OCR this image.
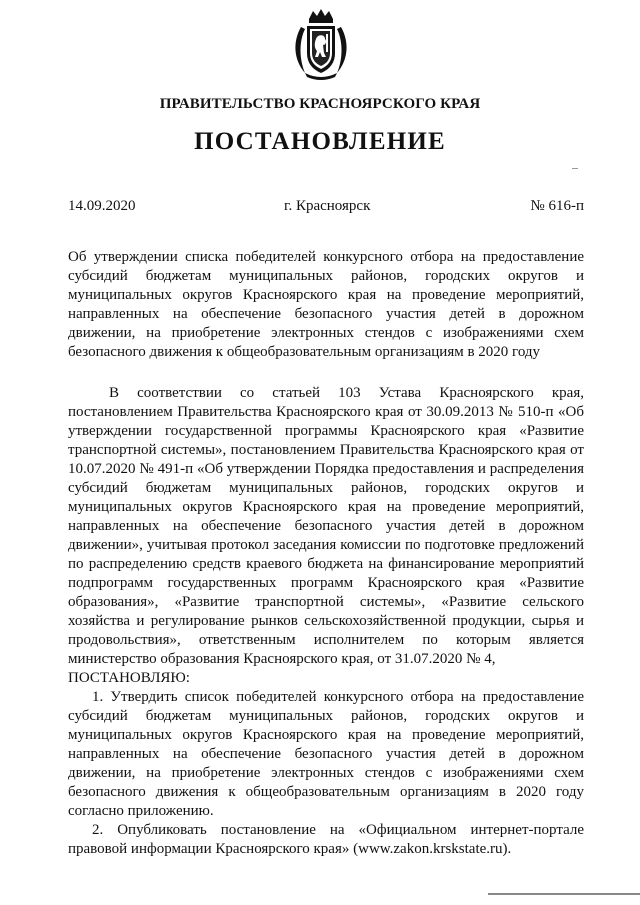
ПРАВИТЕЛЬСТВО КРАСНОЯРСКОГО КРАЯ
ПОСТАНОВЛЕНИЕ
14.09.2020	г. Красноярск	№ 616-п
Об утверждении списка победителей конкурсного отбора на предоставление субсидий бюджетам муниципальных районов, городских округов и муниципальных округов Красноярского края на проведение мероприятий, направленных на обеспечение безопасного участия детей в дорожном движении, на приобретение электронных стендов с изображениями схем безопасного движения к общеобразовательным организациям в 2020 году

В соответствии со статьей 103 Устава Красноярского края, постановлением Правительства Красноярского края от 30.09.2013 № 510-п «Об утверждении государственной программы Красноярского края «Развитие транспортной системы», постановлением Правительства Красноярского края от 10.07.2020 № 491-п «Об утверждении Порядка предоставления и распределения субсидий бюджетам муниципальных районов, городских округов и муниципальных округов Красноярского края на проведение мероприятий, направленных на обеспечение безопасного участия детей в дорожном движении», учитывая протокол заседания комиссии по подготовке предложений по распределению средств краевого бюджета на финансирование мероприятий подпрограмм государственных программ Красноярского края «Развитие образования», «Развитие транспортной системы», «Развитие сельского хозяйства и регулирование рынков сельскохозяйственной продукции, сырья и продовольствия», ответственным исполнителем по которым является министерство образования Красноярского края, от 31.07.2020 № 4,

ПОСТАНОВЛЯЮ:

1. Утвердить список победителей конкурсного отбора на предоставление субсидий бюджетам муниципальных районов, городских округов и муниципальных округов Красноярского края на проведение мероприятий, направленных на обеспечение безопасного участия детей в дорожном движении, на приобретение электронных стендов с изображениями схем безопасного движения к общеобразовательным организациям в 2020 году согласно приложению.

2. Опубликовать постановление на «Официальном интернет-портале правовой информации Красноярского края» (www.zakon.krskstate.ru).
